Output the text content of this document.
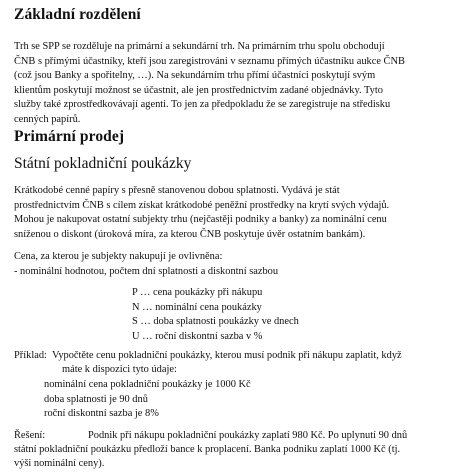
Základní rozdělení
Trh se SPP se rozděluje na primární a sekundární trh. Na primárním trhu spolu obchodují
ČNB s přímými účastníky, kteří jsou zaregistrováni v seznamu přímých účastníku aukce ČNB
(což jsou Banky a spořitelny, …). Na sekundárním trhu přímí účastníci poskytují svým
klientům poskytují možnost se účastnit, ale jen prostřednictvím zadané objednávky. Tyto
služby také zprostředkovávají agenti. To jen za předpokladu že se zaregistruje na středisku
cenných papírů.
Primární prodej
Státní pokladniční poukázky
Krátkodobé cenné papíry s přesně stanovenou dobou splatnosti. Vydává je stát
prostřednictvím ČNB s cílem získat krátkodobé peněžní prostředky na krytí svých výdajů.
Mohou je nakupovat ostatní subjekty trhu (nejčastěji podniky a banky) za nominální cenu
sníženou o diskont (úroková míra, za kterou ČNB poskytuje úvěr ostatním bankám).
Cena, za kterou je subjekty nakupují je ovlivněna:
- nominální hodnotou, počtem dní splatnosti a diskontní sazbou
P … cena poukázky při nákupu
N … nominální cena poukázky
S … doba splatnosti poukázky ve dnech
U … roční diskontní sazba v %
Příklad: Vypočtěte cenu pokladniční poukázky, kterou musí podnik při nákupu zaplatit, když
máte k dispozici tyto údaje:
nominální cena pokladniční poukázky je 1000 Kč
doba splatnosti je 90 dnů
roční diskontní sazba je 8%
Řešení:	Podnik při nákupu pokladniční poukázky zaplatí 980 Kč. Po uplynutí 90 dnů
státní pokladniční poukázku předloží bance k proplacení. Banka podniku zaplatí 1000 Kč (tj.
výši nominální ceny).
